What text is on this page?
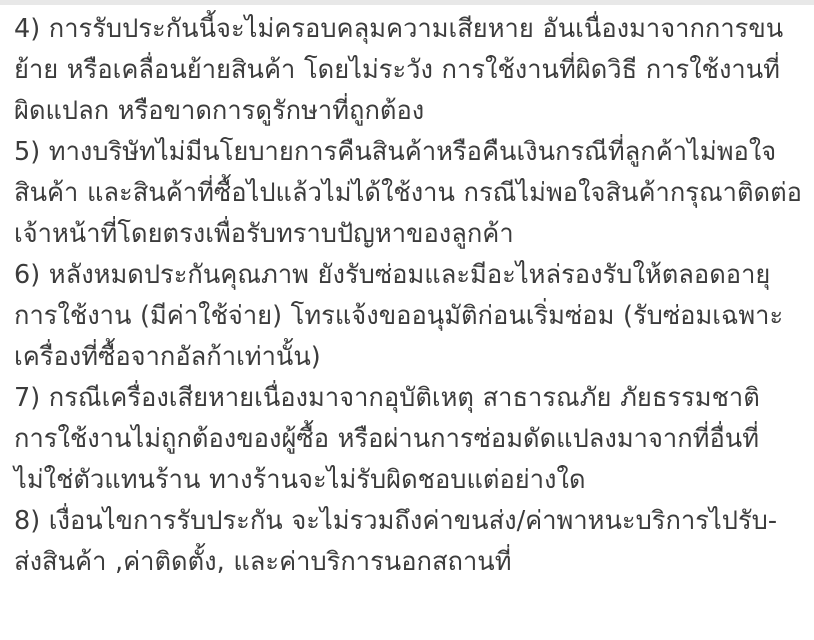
4) การรับประกันนี้จะไม่ครอบคลุมความเสียหาย อันเนื่องมาจากการขนย้าย หรือเคลื่อนย้ายสินค้า โดยไม่ระวัง การใช้งานที่ผิดวิธี การใช้งานที่ผิดแปลก หรือขาดการดูรักษาที่ถูกต้อง

5) ทางบริษัทไม่มีนโยบายการคืนสินค้าหรือคืนเงินกรณีที่ลูกค้าไม่พอใจสินค้า และสินค้าที่ซื้อไปแล้วไม่ได้ใช้งาน กรณีไม่พอใจสินค้ากรุณาติดต่อเจ้าหน้าที่โดยตรงเพื่อรับทราบปัญหาของลูกค้า

6) หลังหมดประกันคุณภาพ ยังรับซ่อมและมีอะไหล่รองรับให้ตลอดอายุการใช้งาน (มีค่าใช้จ่าย) โทรแจ้งขออนุมัติก่อนเริ่มซ่อม (รับซ่อมเฉพาะเครื่องที่ซื้อจากอัลก้าเท่านั้น)

7) กรณีเครื่องเสียหายเนื่องมาจากอุบัติเหตุ สาธารณภัย ภัยธรรมชาติ การใช้งานไม่ถูกต้องของผู้ซื้อ หรือผ่านการซ่อมดัดแปลงมาจากที่อื่นที่ไม่ใช่ตัวแทนร้าน ทางร้านจะไม่รับผิดชอบแต่อย่างใด

8) เงื่อนไขการรับประกัน จะไม่รวมถึงค่าขนส่ง/ค่าพาหนะบริการไปรับ-ส่งสินค้า ,ค่าติดตั้ง, และค่าบริการนอกสถานที่
